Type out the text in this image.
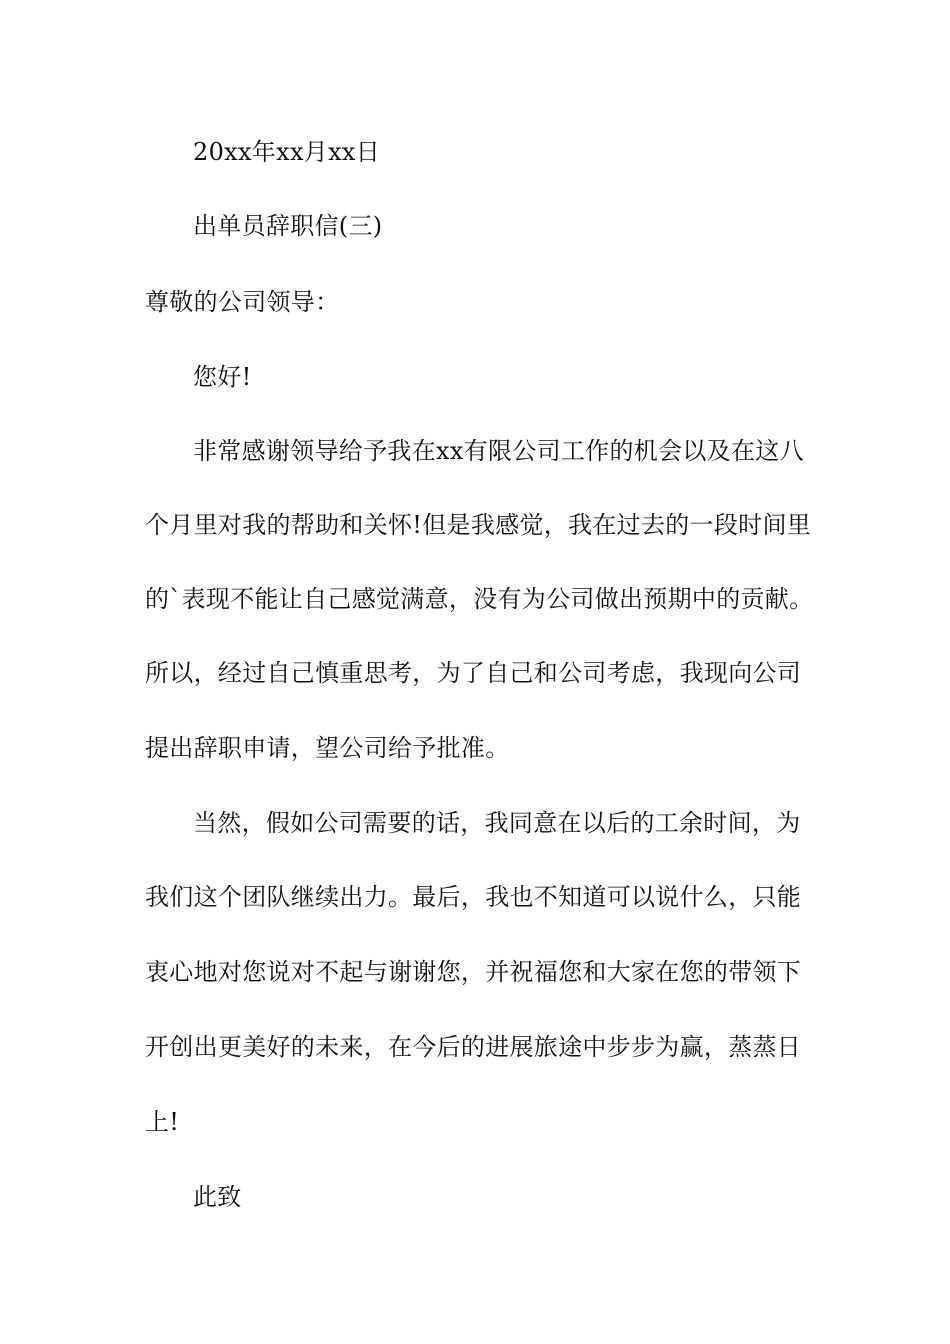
20xx年xx月xx日
出单员辞职信(三)
尊敬的公司领导：
您好!
非常感谢领导给予我在xx有限公司工作的机会以及在这八
个月里对我的帮助和关怀!但是我感觉，我在过去的一段时间里
的`表现不能让自己感觉满意，没有为公司做出预期中的贡献。
所以，经过自己慎重思考，为了自己和公司考虑，我现向公司
提出辞职申请，望公司给予批准。
当然，假如公司需要的话，我同意在以后的工余时间，为
我们这个团队继续出力。最后，我也不知道可以说什么，只能
衷心地对您说对不起与谢谢您，并祝福您和大家在您的带领下
开创出更美好的未来，在今后的进展旅途中步步为赢，蒸蒸日
上!
此致
